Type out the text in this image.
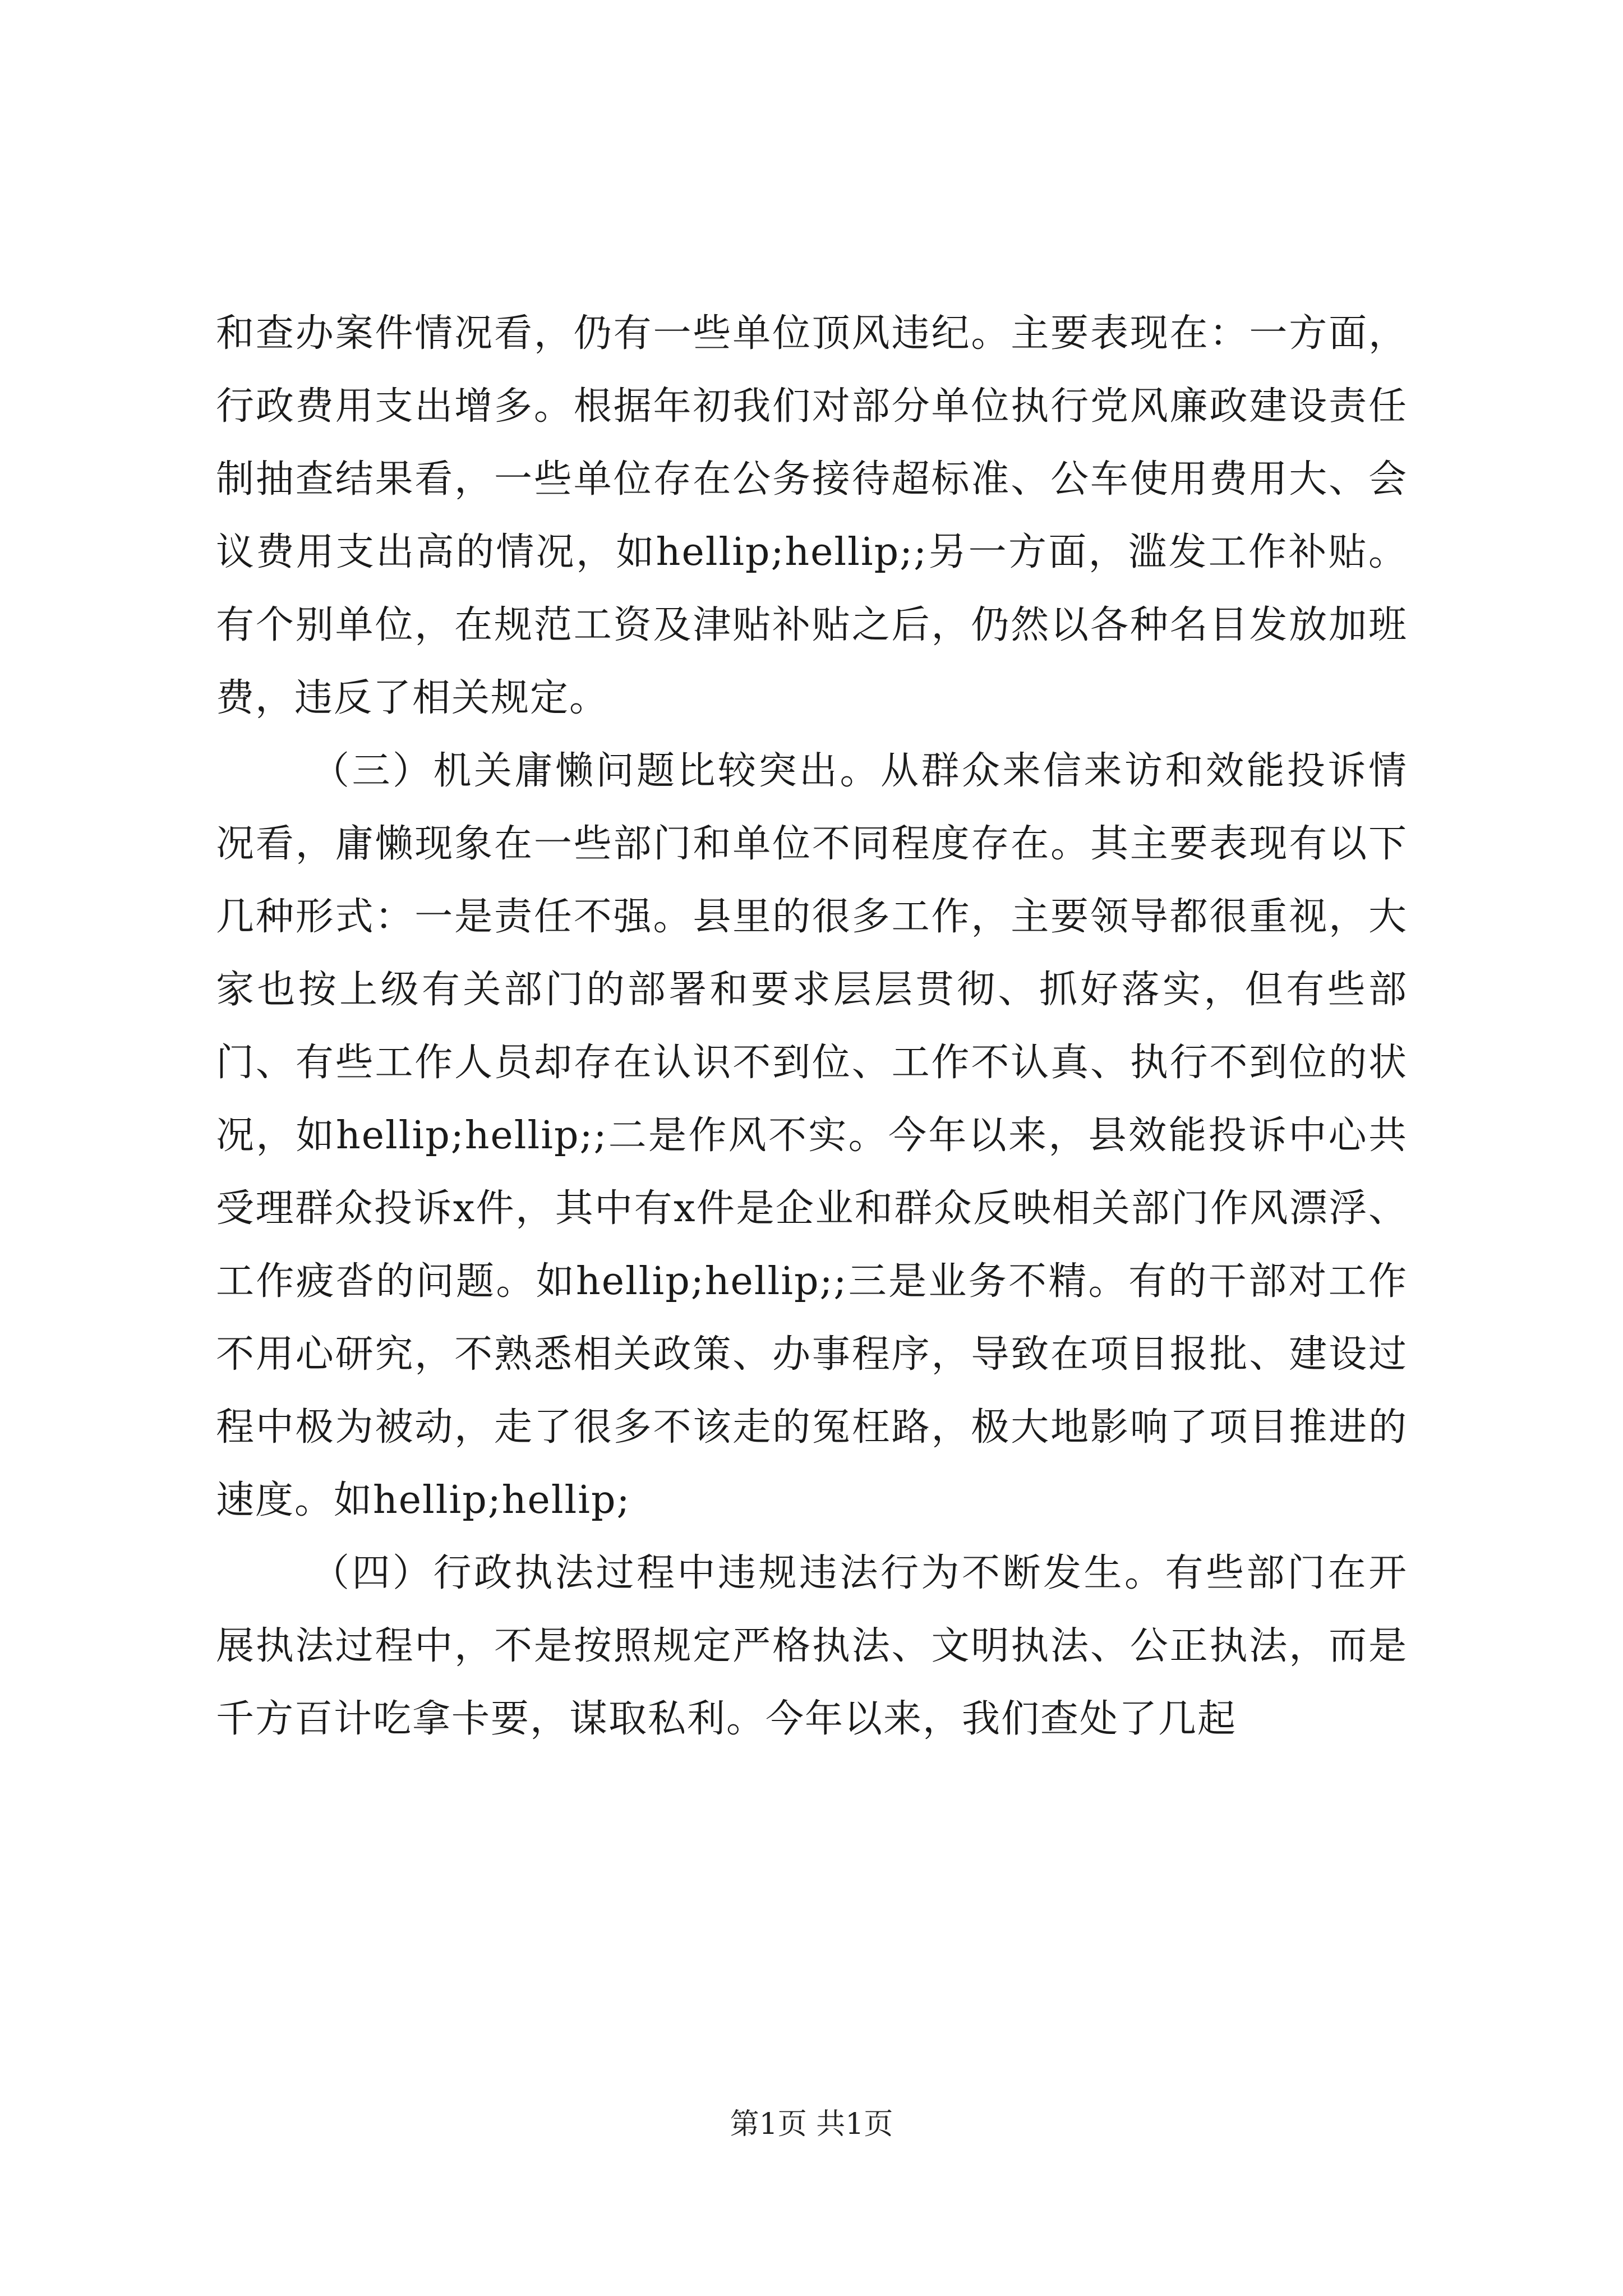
和查办案件情况看，仍有一些单位顶风违纪。主要表现在：一方面，行政费用支出增多。根据年初我们对部分单位执行党风廉政建设责任制抽查结果看，一些单位存在公务接待超标准、公车使用费用大、会议费用支出高的情况，如hellip;hellip;;另一方面，滥发工作补贴。有个别单位，在规范工资及津贴补贴之后，仍然以各种名目发放加班费，违反了相关规定。

（三）机关庸懒问题比较突出。从群众来信来访和效能投诉情况看，庸懒现象在一些部门和单位不同程度存在。其主要表现有以下几种形式：一是责任不强。县里的很多工作，主要领导都很重视，大家也按上级有关部门的部署和要求层层贯彻、抓好落实，但有些部门、有些工作人员却存在认识不到位、工作不认真、执行不到位的状况，如hellip;hellip;;二是作风不实。今年以来，县效能投诉中心共受理群众投诉x件，其中有x件是企业和群众反映相关部门作风漂浮、工作疲沓的问题。如hellip;hellip;;三是业务不精。有的干部对工作不用心研究，不熟悉相关政策、办事程序，导致在项目报批、建设过程中极为被动，走了很多不该走的冤枉路，极大地影响了项目推进的速度。如hellip;hellip;

（四）行政执法过程中违规违法行为不断发生。有些部门在开展执法过程中，不是按照规定严格执法、文明执法、公正执法，而是千方百计吃拿卡要，谋取私利。今年以来，我们查处了几起

第1页 共1页
